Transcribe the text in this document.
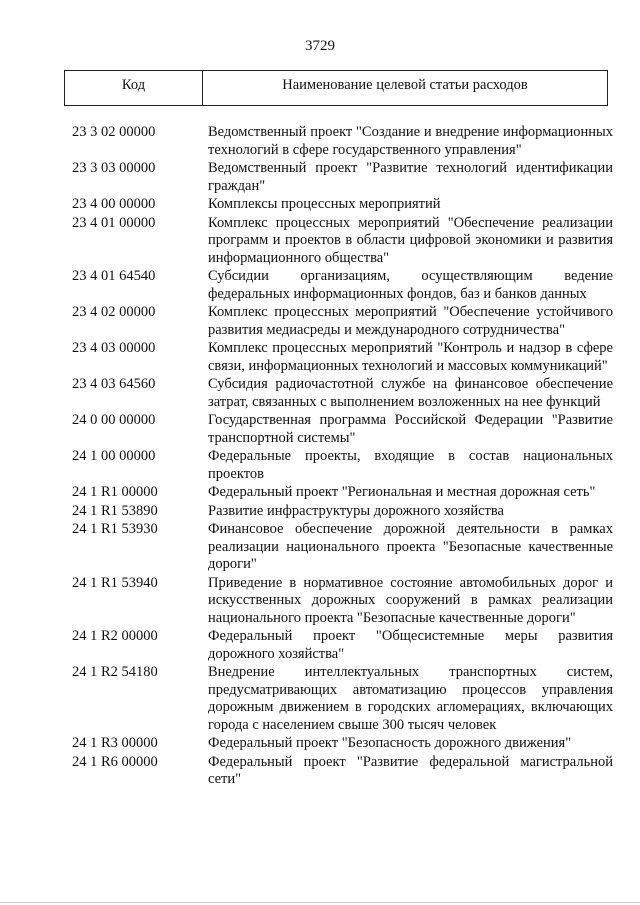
3729
Код	Наименование целевой статьи расходов
23 3 02 00000	Ведомственный проект "Создание и внедрение информационных технологий в сфере государственного управления"
23 3 03 00000	Ведомственный проект "Развитие технологий идентификации граждан"
23 4 00 00000	Комплексы процессных мероприятий
23 4 01 00000	Комплекс процессных мероприятий "Обеспечение реализации программ и проектов в области цифровой экономики и развития информационного общества"
23 4 01 64540	Субсидии организациям, осуществляющим ведение федеральных информационных фондов, баз и банков данных
23 4 02 00000	Комплекс процессных мероприятий "Обеспечение устойчивого развития медиасреды и международного сотрудничества"
23 4 03 00000	Комплекс процессных мероприятий "Контроль и надзор в сфере связи, информационных технологий и массовых коммуникаций"
23 4 03 64560	Субсидия радиочастотной службе на финансовое обеспечение затрат, связанных с выполнением возложенных на нее функций
24 0 00 00000	Государственная программа Российской Федерации "Развитие транспортной системы"
24 1 00 00000	Федеральные проекты, входящие в состав национальных проектов
24 1 R1 00000	Федеральный проект "Региональная и местная дорожная сеть"
24 1 R1 53890	Развитие инфраструктуры дорожного хозяйства
24 1 R1 53930	Финансовое обеспечение дорожной деятельности в рамках реализации национального проекта "Безопасные качественные дороги"
24 1 R1 53940	Приведение в нормативное состояние автомобильных дорог и искусственных дорожных сооружений в рамках реализации национального проекта "Безопасные качественные дороги"
24 1 R2 00000	Федеральный проект "Общесистемные меры развития дорожного хозяйства"
24 1 R2 54180	Внедрение интеллектуальных транспортных систем, предусматривающих автоматизацию процессов управления дорожным движением в городских агломерациях, включающих города с населением свыше 300 тысяч человек
24 1 R3 00000	Федеральный проект "Безопасность дорожного движения"
24 1 R6 00000	Федеральный проект "Развитие федеральной магистральной сети"
